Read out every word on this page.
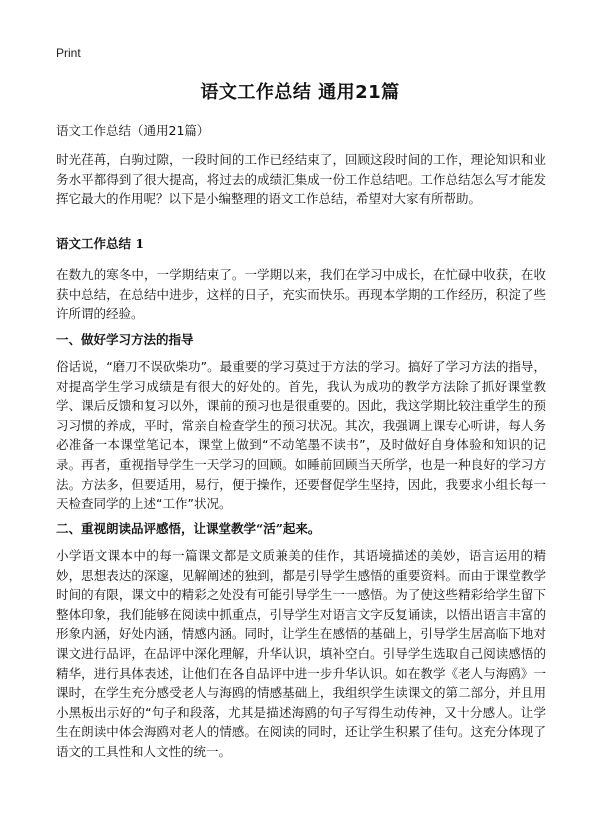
Print
语文工作总结 通用21篇
语文工作总结（通用21篇）

时光荏苒，白驹过隙，一段时间的工作已经结束了，回顾这段时间的工作，理论知识和业务水平都得到了很大提高，将过去的成绩汇集成一份工作总结吧。工作总结怎么写才能发挥它最大的作用呢？以下是小编整理的语文工作总结，希望对大家有所帮助。

语文工作总结 1

在数九的寒冬中，一学期结束了。一学期以来，我们在学习中成长，在忙碌中收获，在收获中总结，在总结中进步，这样的日子，充实而快乐。再现本学期的工作经历，积淀了些许所谓的经验。

一、做好学习方法的指导

俗话说，“磨刀不误砍柴功”。最重要的学习莫过于方法的学习。搞好了学习方法的指导，对提高学生学习成绩是有很大的好处的。首先，我认为成功的教学方法除了抓好课堂教学、课后反馈和复习以外，课前的预习也是很重要的。因此，我这学期比较注重学生的预习习惯的养成，平时，常亲自检查学生的预习状况。其次，我强调上课专心听讲，每人务必准备一本课堂笔记本，课堂上做到“不动笔墨不读书”，及时做好自身体验和知识的记录。再者，重视指导学生一天学习的回顾。如睡前回顾当天所学，也是一种良好的学习方法。方法多，但要适用，易行，便于操作，还要督促学生坚持，因此，我要求小组长每一天检查同学的上述“工作”状况。

二、重视朗读品评感悟，让课堂教学“活”起来。

小学语文课本中的每一篇课文都是文质兼美的佳作，其语境描述的美妙，语言运用的精妙，思想表达的深邃，见解阐述的独到，都是引导学生感悟的重要资料。而由于课堂教学时间的有限，课文中的精彩之处没有可能引导学生一一感悟。为了使这些精彩给学生留下整体印象，我们能够在阅读中抓重点，引导学生对语言文字反复诵读，以悟出语言丰富的形象内涵，好处内涵，情感内涵。同时，让学生在感悟的基础上，引导学生居高临下地对课文进行品评，在品评中深化理解，升华认识，填补空白。引导学生选取自己阅读感悟的精华，进行具体表述，让他们在各自品评中进一步升华认识。如在教学《老人与海鸥》一课时，在学生充分感受老人与海鸥的情感基础上，我组织学生读课文的第二部分，并且用小黑板出示好的“句子和段落，尤其是描述海鸥的句子写得生动传神，又十分感人。让学生在朗读中体会海鸥对老人的情感。在阅读的同时，还让学生积累了佳句。这充分体现了语文的工具性和人文性的统一。
